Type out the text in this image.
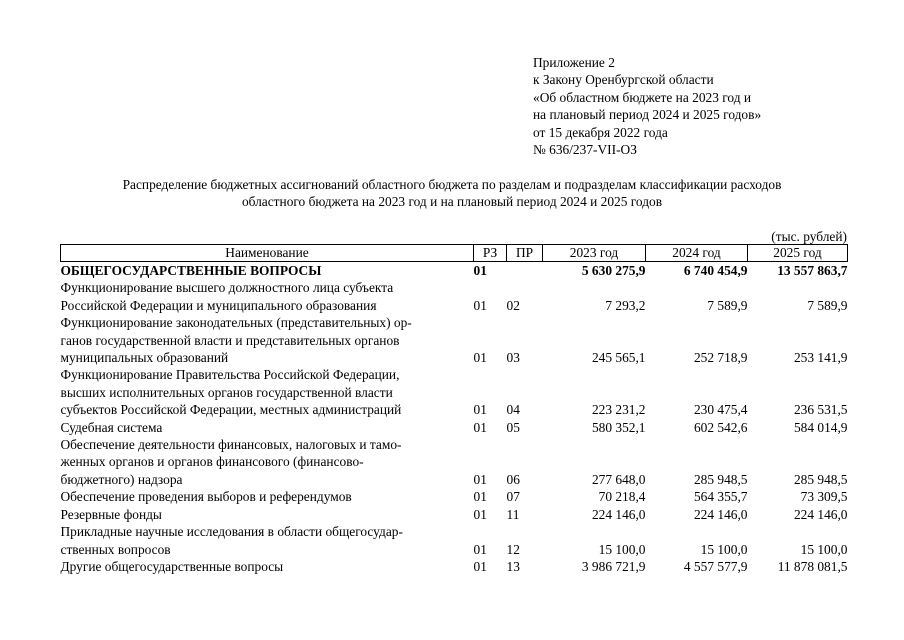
Приложение 2
к Закону Оренбургской области
«Об областном бюджете на 2023 год и
на плановый период 2024 и 2025 годов»
от 15 декабря 2022 года
№ 636/237-VII-ОЗ
Распределение бюджетных ассигнований областного бюджета по разделам и подразделам классификации расходов
областного бюджета на 2023 год и на плановый период 2024 и 2025 годов
(тыс. рублей)
Наименование	РЗ	ПР	2023 год	2024 год	2025 год

ОБЩЕГОСУДАРСТВЕННЫЕ ВОПРОСЫ	01		5 630 275,9	6 740 454,9	13 557 863,7

Функционирование высшего должностного лица субъекта
Российской Федерации и муниципального образования	01	02	7 293,2	7 589,9	7 589,9

Функционирование законодательных (представительных) ор-
ганов государственной власти и представительных органов
муниципальных образований	01	03	245 565,1	252 718,9	253 141,9

Функционирование Правительства Российской Федерации,
высших исполнительных органов государственной власти
субъектов Российской Федерации, местных администраций	01	04	223 231,2	230 475,4	236 531,5

Судебная система	01	05	580 352,1	602 542,6	584 014,9

Обеспечение деятельности финансовых, налоговых и тамо-
женных органов и органов финансового (финансово-
бюджетного) надзора	01	06	277 648,0	285 948,5	285 948,5

Обеспечение проведения выборов и референдумов	01	07	70 218,4	564 355,7	73 309,5

Резервные фонды	01	11	224 146,0	224 146,0	224 146,0

Прикладные научные исследования в области общегосудар-
ственных вопросов	01	12	15 100,0	15 100,0	15 100,0

Другие общегосударственные вопросы	01	13	3 986 721,9	4 557 577,9	11 878 081,5
